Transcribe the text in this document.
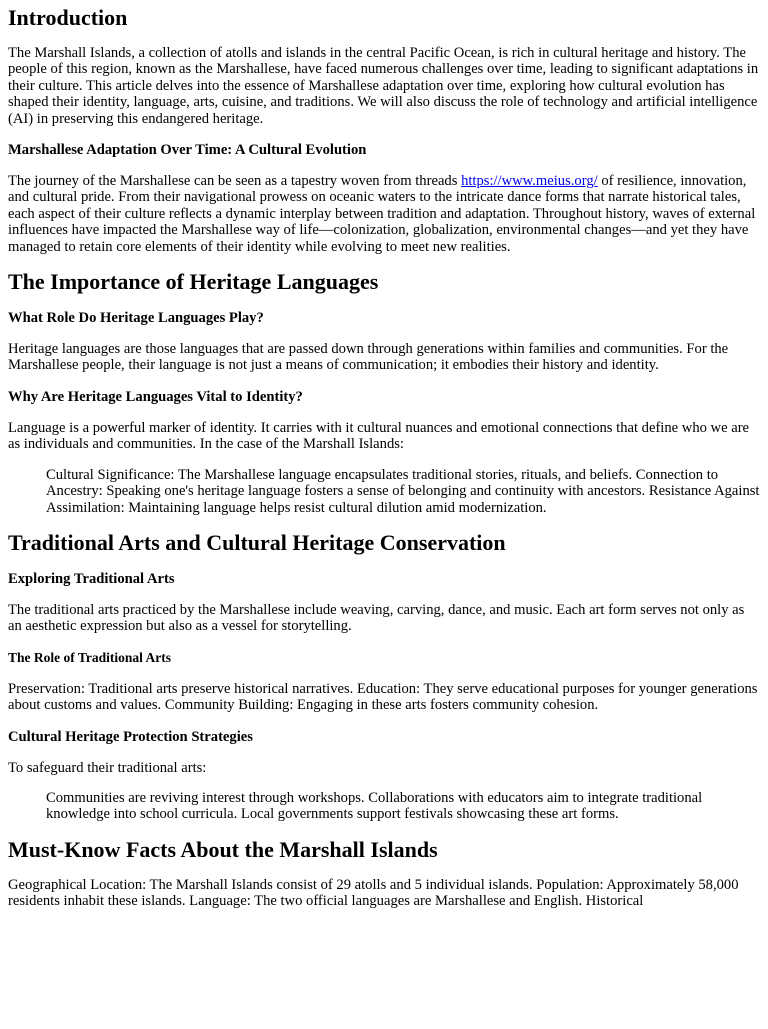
Introduction

The Marshall Islands, a collection of atolls and islands in the central Pacific Ocean, is rich in cultural heritage and history. The people of this region, known as the Marshallese, have faced numerous challenges over time, leading to significant adaptations in their culture. This article delves into the essence of Marshallese adaptation over time, exploring how cultural evolution has shaped their identity, language, arts, cuisine, and traditions. We will also discuss the role of technology and artificial intelligence (AI) in preserving this endangered heritage.

Marshallese Adaptation Over Time: A Cultural Evolution

The journey of the Marshallese can be seen as a tapestry woven from threads https://www.meius.org/ of resilience, innovation, and cultural pride. From their navigational prowess on oceanic waters to the intricate dance forms that narrate historical tales, each aspect of their culture reflects a dynamic interplay between tradition and adaptation. Throughout history, waves of external influences have impacted the Marshallese way of life—colonization, globalization, environmental changes—and yet they have managed to retain core elements of their identity while evolving to meet new realities.

The Importance of Heritage Languages
What Role Do Heritage Languages Play?

Heritage languages are those languages that are passed down through generations within families and communities. For the Marshallese people, their language is not just a means of communication; it embodies their history and identity.

Why Are Heritage Languages Vital to Identity?

Language is a powerful marker of identity. It carries with it cultural nuances and emotional connections that define who we are as individuals and communities. In the case of the Marshall Islands:

Cultural Significance: The Marshallese language encapsulates traditional stories, rituals, and beliefs. Connection to Ancestry: Speaking one's heritage language fosters a sense of belonging and continuity with ancestors. Resistance Against Assimilation: Maintaining language helps resist cultural dilution amid modernization.
Traditional Arts and Cultural Heritage Conservation
Exploring Traditional Arts

The traditional arts practiced by the Marshallese include weaving, carving, dance, and music. Each art form serves not only as an aesthetic expression but also as a vessel for storytelling.

The Role of Traditional Arts

Preservation: Traditional arts preserve historical narratives. Education: They serve educational purposes for younger generations about customs and values. Community Building: Engaging in these arts fosters community cohesion.

Cultural Heritage Protection Strategies

To safeguard their traditional arts:

Communities are reviving interest through workshops. Collaborations with educators aim to integrate traditional knowledge into school curricula. Local governments support festivals showcasing these art forms.
Must-Know Facts About the Marshall Islands

Geographical Location: The Marshall Islands consist of 29 atolls and 5 individual islands. Population: Approximately 58,000 residents inhabit these islands. Language: The two official languages are Marshallese and English. Historical
